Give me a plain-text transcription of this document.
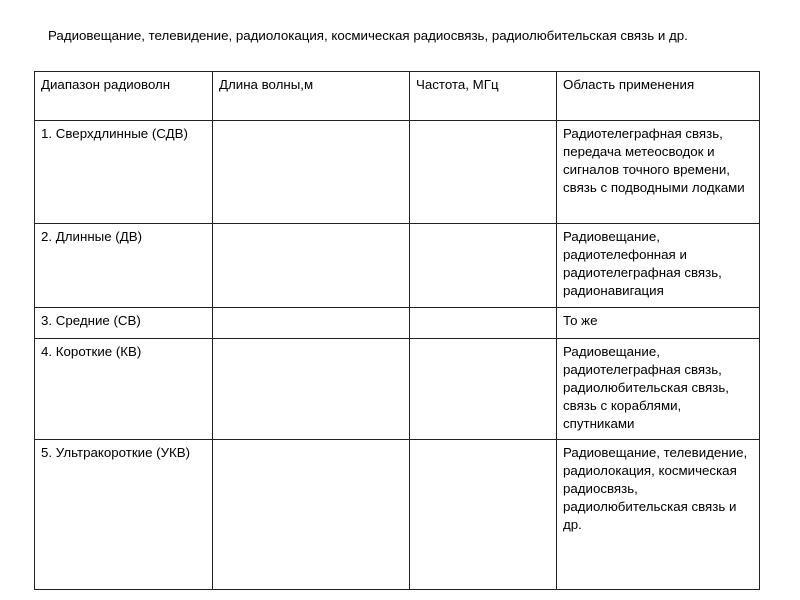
Радиовещание, телевидение, радиолокация, космическая радиосвязь, радиолюбительская связь и др.

Диапазон радиоволн	Длина волны,м	Частота, МГц	Область применения
1. Сверхдлинные (СДВ)			Радиотелеграфная связь, передача метеосводок и сигналов точного времени, связь с подводными лодками
2. Длинные (ДВ)			Радиовещание, радиотелефонная и радиотелеграфная связь, радионавигация
3. Средние (СВ)			То же
4. Короткие (КВ)			Радиовещание, радиотелеграфная связь, радиолюбительская связь, связь с кораблями, спутниками
5. Ультракороткие (УКВ)			Радиовещание, телевидение, радиолокация, космическая радиосвязь, радиолюбительская связь и др.
